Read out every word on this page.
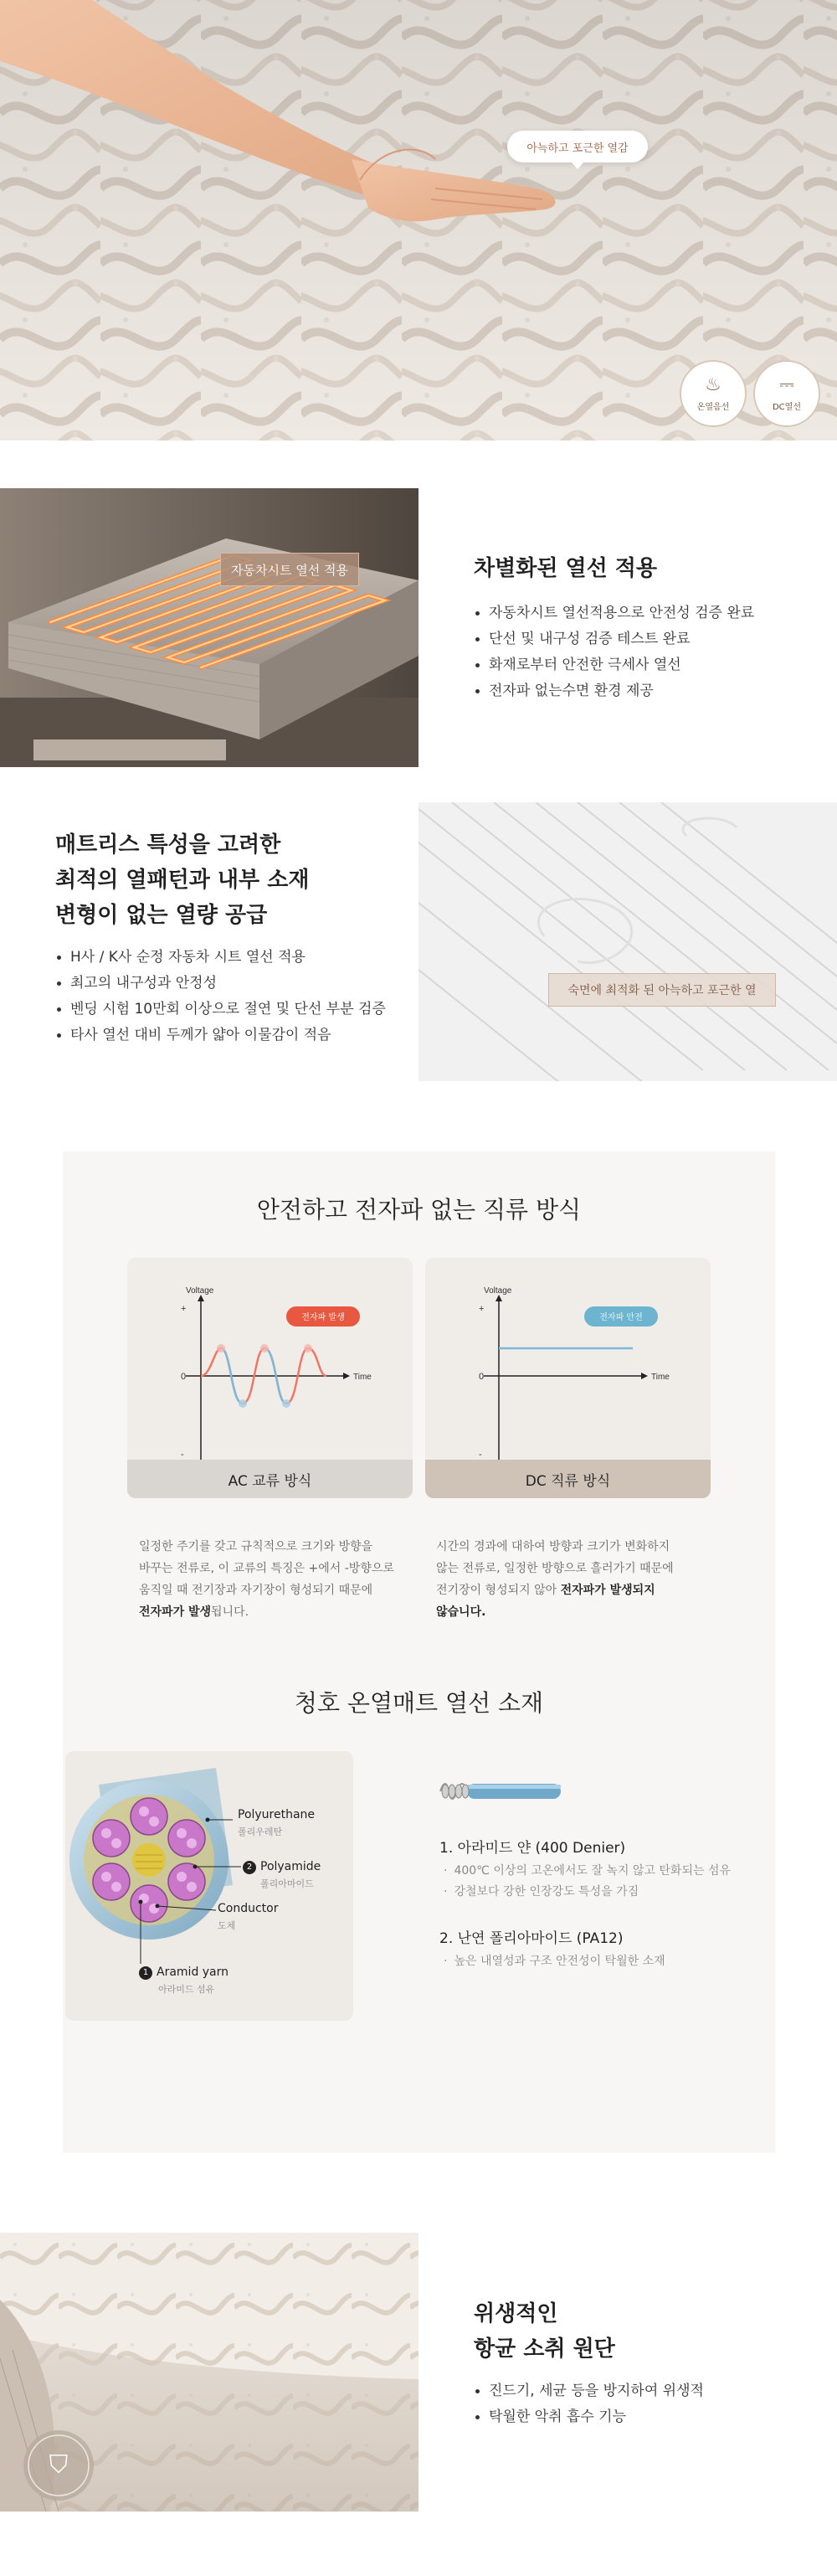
아늑하고 포근한 열감
♨
온열음선
⎓
DC열선
자동차시트 열선 적용	차별화된 열선 적용
자동차시트 열선적용으로 안전성 검증 완료
단선 및 내구성 검증 테스트 완료
화재로부터 안전한 극세사 열선
전자파 없는수면 환경 제공
매트리스 특성을 고려한
최적의 열패턴과 내부 소재
변형이 없는 열량 공급
H사 / K사 순정 자동차 시트 열선 적용
최고의 내구성과 안정성
벤딩 시험 10만회 이상으로 절연 및 단선 부분 검증
타사 열선 대비 두께가 얇아 이물감이 적음
숙면에 최적화 된 아늑하고 포근한 열
안전하고 전자파 없는 직류 방식
Voltage
+
0
-
Time
전자파 발생
AC 교류 방식
일정한 주기를 갖고 규칙적으로 크기와 방향을
바꾸는 전류로, 이 교류의 특징은 +에서 -방향으로
움직일 때 전기장과 자기장이 형성되기 때문에
전자파가 발생됩니다.
Voltage
+
0
-
Time
전자파 안전
DC 직류 방식
시간의 경과에 대하여 방향과 크기가 변화하지
않는 전류로, 일정한 방향으로 흘러가기 때문에
전기장이 형성되지 않아 전자파가 발생되지
않습니다.
청호 온열매트 열선 소재
Polyurethane
폴리우레탄
2 Polyamide
폴리아마이드
Conductor
도체
1 Aramid yarn
아라미드 섬유
1. 아라미드 얀 (400 Denier)
· 400℃ 이상의 고온에서도 잘 녹지 않고 탄화되는 섬유
· 강철보다 강한 인장강도 특성을 가짐
2. 난연 폴리아마이드 (PA12)
· 높은 내열성과 구조 안전성이 탁월한 소재
⛉
위생적인
항균 소취 원단
진드기, 세균 등을 방지하여 위생적
탁월한 악취 흡수 기능
